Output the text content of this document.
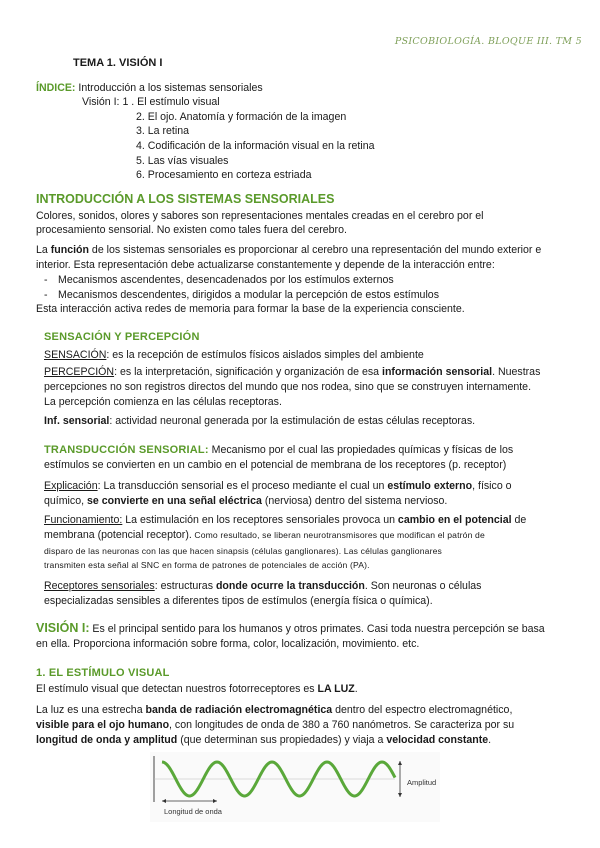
PSICOBIOLOGÍA. BLOQUE III. TM 5
TEMA 1. VISIÓN I
ÍNDICE: Introducción a los sistemas sensoriales
Visión I: 1 . El estímulo visual
2. El ojo. Anatomía y formación de la imagen
3. La retina
4. Codificación de la información visual en la retina
5. Las vías visuales
6. Procesamiento en corteza estriada
INTRODUCCIÓN A LOS SISTEMAS SENSORIALES
Colores, sonidos, olores y sabores son representaciones mentales creadas en el cerebro por el
procesamiento sensorial. No existen como tales fuera del cerebro.
La función de los sistemas sensoriales es proporcionar al cerebro una representación del mundo exterior e
interior. Esta representación debe actualizarse constantemente y depende de la interacción entre:
- Mecanismos ascendentes, desencadenados por los estímulos externos
- Mecanismos descendentes, dirigidos a modular la percepción de estos estímulos
Esta interacción activa redes de memoria para formar la base de la experiencia consciente.
SENSACIÓN Y PERCEPCIÓN
SENSACIÓN: es la recepción de estímulos físicos aislados simples del ambiente
PERCEPCIÓN: es la interpretación, significación y organización de esa información sensorial. Nuestras
percepciones no son registros directos del mundo que nos rodea, sino que se construyen internamente.
La percepción comienza en las células receptoras.
Inf. sensorial: actividad neuronal generada por la estimulación de estas células receptoras.
TRANSDUCCIÓN SENSORIAL: Mecanismo por el cual las propiedades químicas y físicas de los
estímulos se convierten en un cambio en el potencial de membrana de los receptores (p. receptor)
Explicación: La transducción sensorial es el proceso mediante el cual un estímulo externo, físico o
químico, se convierte en una señal eléctrica (nerviosa) dentro del sistema nervioso.
Funcionamiento: La estimulación en los receptores sensoriales provoca un cambio en el potencial de
membrana (potencial receptor). Como resultado, se liberan neurotransmisores que modifican el patrón de
disparo de las neuronas con las que hacen sinapsis (células ganglionares). Las células ganglionares
transmiten esta señal al SNC en forma de patrones de potenciales de acción (PA).
Receptores sensoriales: estructuras donde ocurre la transducción. Son neuronas o células
especializadas sensibles a diferentes tipos de estímulos (energía física o química).
VISIÓN I: Es el principal sentido para los humanos y otros primates. Casi toda nuestra percepción se basa
en ella. Proporciona información sobre forma, color, localización, movimiento. etc.
1. EL ESTÍMULO VISUAL
El estímulo visual que detectan nuestros fotorreceptores es LA LUZ.
La luz es una estrecha banda de radiación electromagnética dentro del espectro electromagnético,
visible para el ojo humano, con longitudes de onda de 380 a 760 nanómetros. Se caracteriza por su
longitud de onda y amplitud (que determinan sus propiedades) y viaja a velocidad constante.
Amplitud
Longitud de onda
